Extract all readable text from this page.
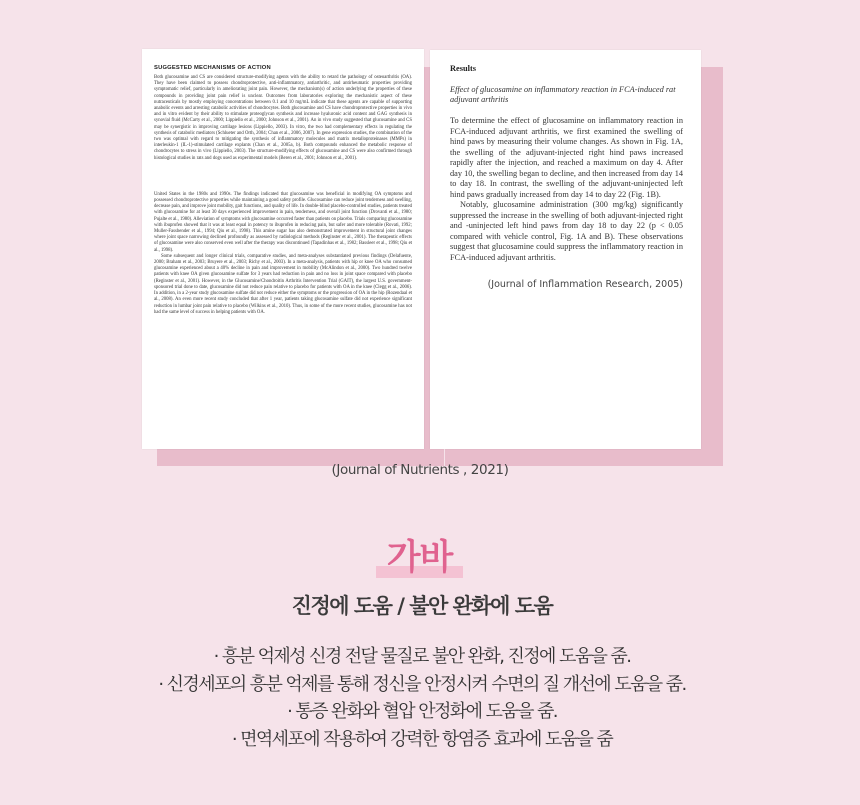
SUGGESTED MECHANISMS OF ACTION

Both glucosamine and CS are considered structure-modifying agents with the ability to retard the pathology of osteoarthritis (OA). They have been claimed to possess chondroprotective, anti-inflammatory, antiarthritic, and antirheumatic properties providing symptomatic relief, particularly in ameliorating joint pain. However, the mechanism(s) of action underlying the properties of these compounds in providing joint pain relief is unclear. Outcomes from laboratories exploring the mechanistic aspect of these nutraceuticals by mostly employing concentrations between 0.1 and 10 mg/mL indicate that these agents are capable of supporting anabolic events and arresting catabolic activities of chondrocytes. Both glucosamine and CS have chondroprotective properties in vivo and in vitro evident by their ability to stimulate proteoglycan synthesis and increase hyaluronic acid content and GAG synthesis in synovial fluid (McCarty et al., 2000; Lippiello et al., 2000; Johnson et al., 2001). An in vivo study suggested that glucosamine and CS may be synergistic in improving cartilage lesions (Lippiello, 2003). In vitro, the two had complementary effects in regulating the synthesis of catabolic mediators (Schlueter and Orth, 2004; Chan et al., 2006, 2007). In gene expression studies, the combination of the two was optimal with regard to mitigating the synthesis of inflammatory molecules and matrix metalloproteinases (MMPs) in interleukin-1 (IL-1)-stimulated cartilage explants (Chan et al., 2005a, b). Both compounds enhanced the metabolic response of chondrocytes to stress in vivo (Lippiello, 2003). The structure-modifying effects of glucosamine and CS were also confirmed through histological studies in rats and dogs used as experimental models (Beren et al., 2001; Johnson et al., 2001).

United States in the 1980s and 1990s. The findings indicated that glucosamine was beneficial in modifying OA symptoms and possessed chondroprotective properties while maintaining a good safety profile. Glucosamine can reduce joint tenderness and swelling, decrease pain, and improve joint mobility, gait functions, and quality of life. In double-blind placebo-controlled studies, patients treated with glucosamine for at least 30 days experienced improvement in pain, tenderness, and overall joint function (Drovanti et al., 1980; Pujalte et al., 1980). Alleviation of symptoms with glucosamine occurred faster than patients on placebo. Trials comparing glucosamine with ibuprofen showed that it was at least equal in potency to ibuprofen in reducing pain, but safer and more tolerable (Rovati, 1992; Muller-Fassbender et al., 1994; Qiu et al., 1998). This amine sugar has also demonstrated improvement in structural joint changes where joint space narrowing declined profoundly as assessed by radiological methods (Reginster et al., 2001). The therapeutic effects of glucosamine were also conserved even well after the therapy was discontinued (Tapadinhas et al., 1982; Bassleer et al., 1998; Qiu et al., 1998).

Some subsequent and longer clinical trials, comparative studies, and meta-analyses substantiated previous findings (Delafuente, 2000; Braham et al., 2003; Bruyere et al., 2003; Richy et al., 2003). In a meta-analysis, patients with hip or knee OA who consumed glucosamine experienced about a 40% decline in pain and improvement in mobility (McAlindon et al., 2000). Two hundred twelve patients with knee OA given glucosamine sulfate for 3 years had reduction in pain and no loss in joint space compared with placebo (Reginster et al., 2001). However, in the Glucosamine/Chondroitin Arthritis Intervention Trial (GAIT), the largest U.S. government-sponsored trial done to date, glucosamine did not reduce pain relative to placebo for patients with OA in the knee (Clegg et al., 2006). In addition, in a 2-year study glucosamine sulfate did not reduce either the symptoms or the progression of OA in the hip (Rozendaal et al., 2008). An even more recent study concluded that after 1 year, patients taking glucosamine sulfate did not experience significant reduction in lumbar joint pain relative to placebo (Wilkins et al., 2010). Thus, in some of the more recent studies, glucosamine has not had the same level of success in helping patients with OA.

Results
Effect of glucosamine on inflammatory reaction in FCA-induced rat adjuvant arthritis

To determine the effect of glucosamine on inflammatory reaction in FCA-induced adjuvant arthritis, we first examined the swelling of hind paws by measuring their volume changes. As shown in Fig. 1A, the swelling of the adjuvant-injected right hind paws increased rapidly after the injection, and reached a maximum on day 4. After day 10, the swelling began to decline, and then increased from day 14 to day 18. In contrast, the swelling of the adjuvant-uninjected left hind paws gradually increased from day 14 to day 22 (Fig. 1B).

Notably, glucosamine administration (300 mg/kg) significantly suppressed the increase in the swelling of both adjuvant-injected right and -uninjected left hind paws from day 18 to day 22 (p < 0.05 compared with vehicle control, Fig. 1A and B). These observations suggest that glucosamine could suppress the inflammatory reaction in FCA-induced adjuvant arthritis.

(Journal of Inflammation Research, 2005)
(Journal of Nutrients , 2021)
가바
진정에 도움 / 불안 완화에 도움
· 흥분 억제성 신경 전달 물질로 불안 완화, 진정에 도움을 줌.
· 신경세포의 흥분 억제를 통해 정신을 안정시켜 수면의 질 개선에 도움을 줌.
· 통증 완화와 혈압 안정화에 도움을 줌.
· 면역세포에 작용하여 강력한 항염증 효과에 도움을 줌
